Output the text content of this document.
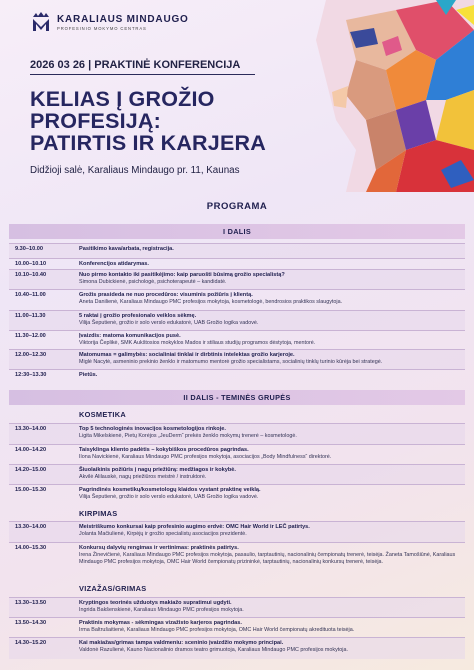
KARALIAUS MINDAUGO
PROFESINIO MOKYMO CENTRAS
2026 03 26 | PRAKTINĖ KONFERENCIJA
KELIAS Į GROŽIO
PROFESIJĄ:
PATIRTIS IR KARJERA
Didžioji salė, Karaliaus Mindaugo pr. 11, Kaunas
PROGRAMA
I DALIS
9.30–10.00	Pasitikimo kava/arbata, registracija.
10.00–10.10	Konferencijos atidarymas.
10.10–10.40	Nuo pirmo kontakto iki pasitikėjimo: kaip paruošti būsimą grožio specialistą?
Simona Dubickienė, psichologė, psichoterapeutė – kandidatė.
10.40–11.00	Grožis prasideda ne nuo procedūros: visuminis požiūris į klientą.
Aneta Danilienė, Karaliaus Mindaugo PMC profesijos mokytoja, kosmetologė, bendrosios praktikos slaugytoja.
11.00–11.30	5 raktai į grožio profesionalo veiklos sėkmę.
Vilija Šeputienė, grožio ir solo verslo edukatorė, UAB Grožio logika vadovė.
11.30–12.00	Įvaizdis: matoma komunikacijos pusė.
Viktorija Čeplikė, SMK Aukštosios mokyklos Mados ir stiliaus studijų programos dėstytoja, mentorė.
12.00–12.30	Matomumas = galimybės: socialiniai tinklai ir dirbtinis intelektas grožio karjeroje.
Miglė Nacytė, asmeninio prekinio ženklo ir matomumo mentorė grožio specialistams, socialinių tinklų turinio kūrėja bei strategė.
12:30–13.30	Pietūs.
II DALIS - TEMINĖS GRUPĖS
KOSMETIKA
13.30–14.00	Top 5 technologinės inovacijos kosmetologijos rinkoje.
Ligita Mikelskienė, Pietų Korėjos „JeuDerm“ prekės ženklo mokymų trenerė – kosmetologė.
14.00–14.20	Taisyklinga kliento padėtis – kokybiškos procedūros pagrindas.
Ilona Navickienė, Karaliaus Mindaugo PMC profesijos mokytoja, asociacijos „Body Mindfulness“ direktorė.
14.20–15.00	Šiuolaikinis požiūris į nagų priežiūrą: medžiagos ir kokybė.
Akvilė Alilauskė, nagų priežiūros meistrė / instruktorė.
15.00–15.30	Pagrindinės kosmetikų/kosmetologų klaidos vystant praktinę veiklą.
Vilija Šeputienė, grožio ir solo verslo edukatorė, UAB Grožio logika vadovė.
KIRPIMAS
13.30–14.00	Meistriškumo konkursai kaip profesinio augimo erdvė: OMC Hair World ir LEČ patirtys.
Jolanta Mačiulienė, Kirpėjų ir grožio specialistų asociacijos prezidentė.
14.00–15.30	Konkursų dalyvių rengimas ir vertinimas: praktinės patirtys.
Irena Žinevičienė, Karaliaus Mindaugo PMC profesijos mokytoja, pasaulio, tarptautinių, nacionalinių čempionatų trenerė, teisėja. Žaneta Tamošiūnė, Karaliaus Mindaugo PMC profesijos mokytoja, OMC Hair World čempionatų prizininkė, tarptautinių, nacionalinių konkursų trenerė, teisėja.
VIZAŽAS/GRIMAS
13.30–13.50	Kryptingos teorinės užduotys makiažo supratimui ugdyti.
Ingrida Bakšenskienė, Karaliaus Mindaugo PMC profesijos mokytoja.
13.50–14.30	Praktinis mokymas - sėkmingas vizažisto karjeros pagrindas.
Irma Baltrušaitienė, Karaliaus Mindaugo PMC profesijos mokytoja, OMC Hair World čempionatų akredituota teisėja.
14.30–15.20	Kai makiažas/grimas tampa valdmeniu: sceninio įvaizdžio mokymo principai.
Valdonė Razulienė, Kauno Nacionalinio dramos teatro grimuotoja, Karaliaus Mindaugo PMC profesijos mokytoja.
